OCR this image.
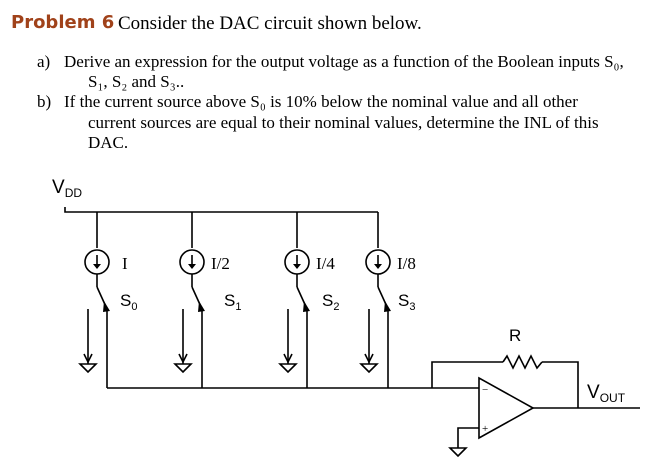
Problem 6 Consider the DAC circuit shown below.
a) Derive an expression for the output voltage as a function of the Boolean inputs S₀,
S₁, S₂ and S₃..
b) If the current source above S₀ is 10% below the nominal value and all other
current sources are equal to their nominal values, determine the INL of this
DAC.
$V_{DD}$
I	I/2	I/4	I/8
$S_0$	$S_1$	$S_2$	$S_3$
R
$V_{OUT}$
−
+
